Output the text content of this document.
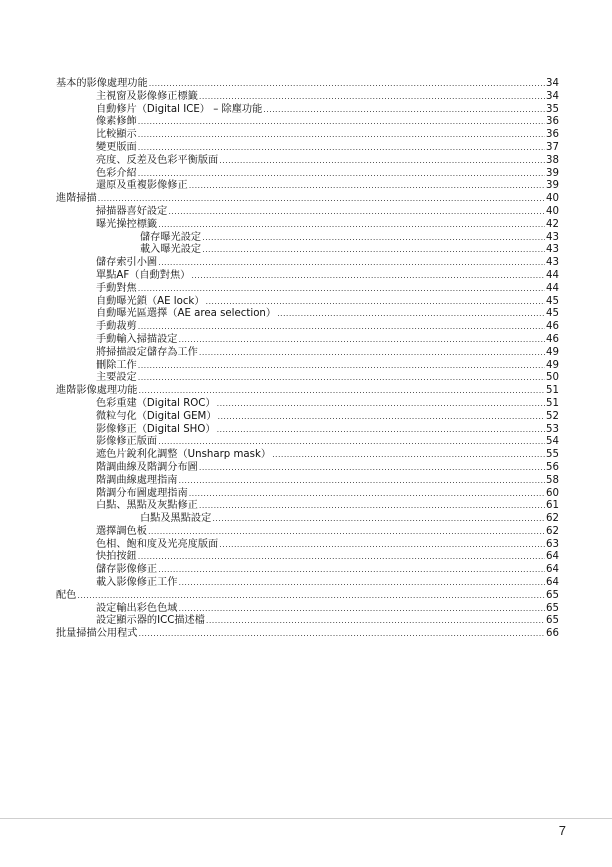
基本的影像處理功能 .....	34
主視窗及影像修正標籤 .....	34
自動修片（Digital ICE） – 除塵功能 .....	35
像素修飾 .....	36
比較顯示 .....	36
變更版面 .....	37
亮度、反差及色彩平衡版面 .....	38
色彩介紹 .....	39
還原及重複影像修正 .....	39
進階掃描 .....	40
掃描器喜好設定 .....	40
曝光操控標籤 .....	42
儲存曝光設定 .....	43
載入曝光設定 .....	43
儲存索引小圖 .....	43
單點AF（自動對焦） .....	44
手動對焦 .....	44
自動曝光鎖（AE lock） .....	45
自動曝光區選擇（AE area selection） .....	45
手動裁剪 .....	46
手動輸入掃描設定 .....	46
將掃描設定儲存為工作 .....	49
刪除工作 .....	49
主要設定 .....	50
進階影像處理功能 .....	51
色彩重建（Digital ROC） .....	51
微粒勻化（Digital GEM） .....	52
影像修正（Digital SHO） .....	53
影像修正版面 .....	54
遮色片銳利化調整（Unsharp mask） .....	55
階調曲線及階調分布圖 .....	56
階調曲線處理指南 .....	58
階調分布圖處理指南 .....	60
白點、黑點及灰點修正 .....	61
白點及黑點設定 .....	62
選擇調色板 .....	62
色相、飽和度及光亮度版面 .....	63
快拍按鈕 .....	64
儲存影像修正 .....	64
載入影像修正工作 .....	64
配色 .....	65
設定輸出彩色色域 .....	65
設定顯示器的ICC描述檔 .....	65
批量掃描公用程式 .....	66
7
